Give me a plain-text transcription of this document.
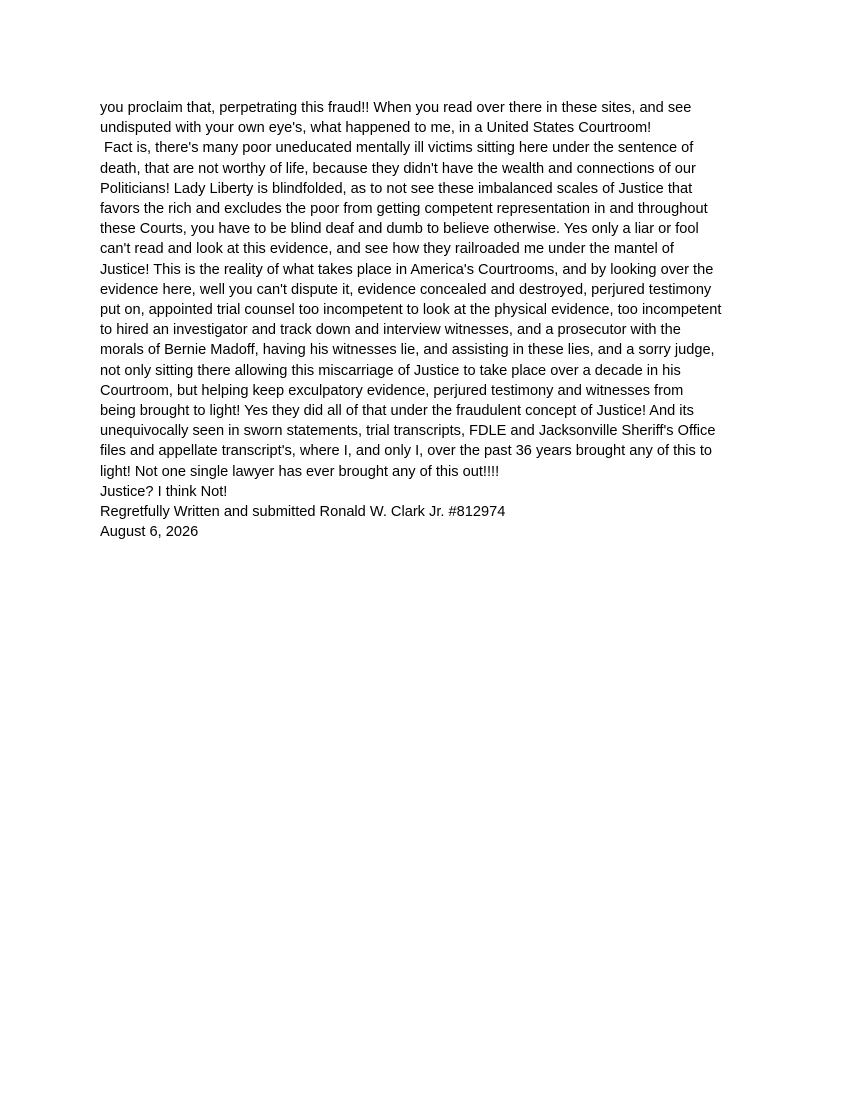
you proclaim that, perpetrating this fraud!! When you read over there in these sites, and see
undisputed with your own eye's, what happened to me, in a United States Courtroom!
Fact is, there's many poor uneducated mentally ill victims sitting here under the sentence of
death, that are not worthy of life, because they didn't have the wealth and connections of our
Politicians! Lady Liberty is blindfolded, as to not see these imbalanced scales of Justice that
favors the rich and excludes the poor from getting competent representation in and throughout
these Courts, you have to be blind deaf and dumb to believe otherwise. Yes only a liar or fool
can't read and look at this evidence, and see how they railroaded me under the mantel of
Justice! This is the reality of what takes place in America's Courtrooms, and by looking over the
evidence here, well you can't dispute it, evidence concealed and destroyed, perjured testimony
put on, appointed trial counsel too incompetent to look at the physical evidence, too incompetent
to hired an investigator and track down and interview witnesses, and a prosecutor with the
morals of Bernie Madoff, having his witnesses lie, and assisting in these lies, and a sorry judge,
not only sitting there allowing this miscarriage of Justice to take place over a decade in his
Courtroom, but helping keep exculpatory evidence, perjured testimony and witnesses from
being brought to light! Yes they did all of that under the fraudulent concept of Justice! And its
unequivocally seen in sworn statements, trial transcripts, FDLE and Jacksonville Sheriff's Office
files and appellate transcript's, where I, and only I, over the past 36 years brought any of this to
light! Not one single lawyer has ever brought any of this out!!!!
Justice? I think Not!
Regretfully Written and submitted Ronald W. Clark Jr. #812974
August 6, 2026
